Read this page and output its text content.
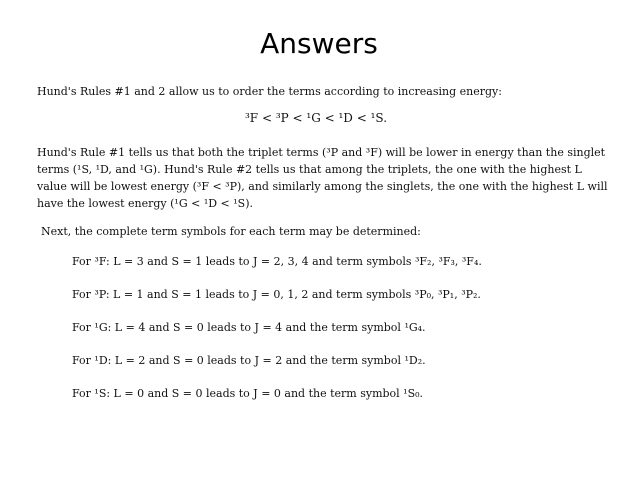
Answers

Hund's Rules #1 and 2 allow us to order the terms according to increasing energy:

³F < ³P < ¹G < ¹D < ¹S.

Hund's Rule #1 tells us that both the triplet terms (³P and ³F) will be lower in energy than the singlet terms (¹S, ¹D, and ¹G). Hund's Rule #2 tells us that among the triplets, the one with the highest L value will be lowest energy (³F < ³P), and similarly among the singlets, the one with the highest L will have the lowest energy (¹G < ¹D < ¹S).

Next, the complete term symbols for each term may be determined:

For ³F: L = 3 and S = 1 leads to J = 2, 3, 4 and term symbols ³F₂, ³F₃, ³F₄.
For ³P: L = 1 and S = 1 leads to J = 0, 1, 2 and term symbols ³P₀, ³P₁, ³P₂.
For ¹G: L = 4 and S = 0 leads to J = 4 and the term symbol ¹G₄.
For ¹D: L = 2 and S = 0 leads to J = 2 and the term symbol ¹D₂.
For ¹S: L = 0 and S = 0 leads to J = 0 and the term symbol ¹S₀.
